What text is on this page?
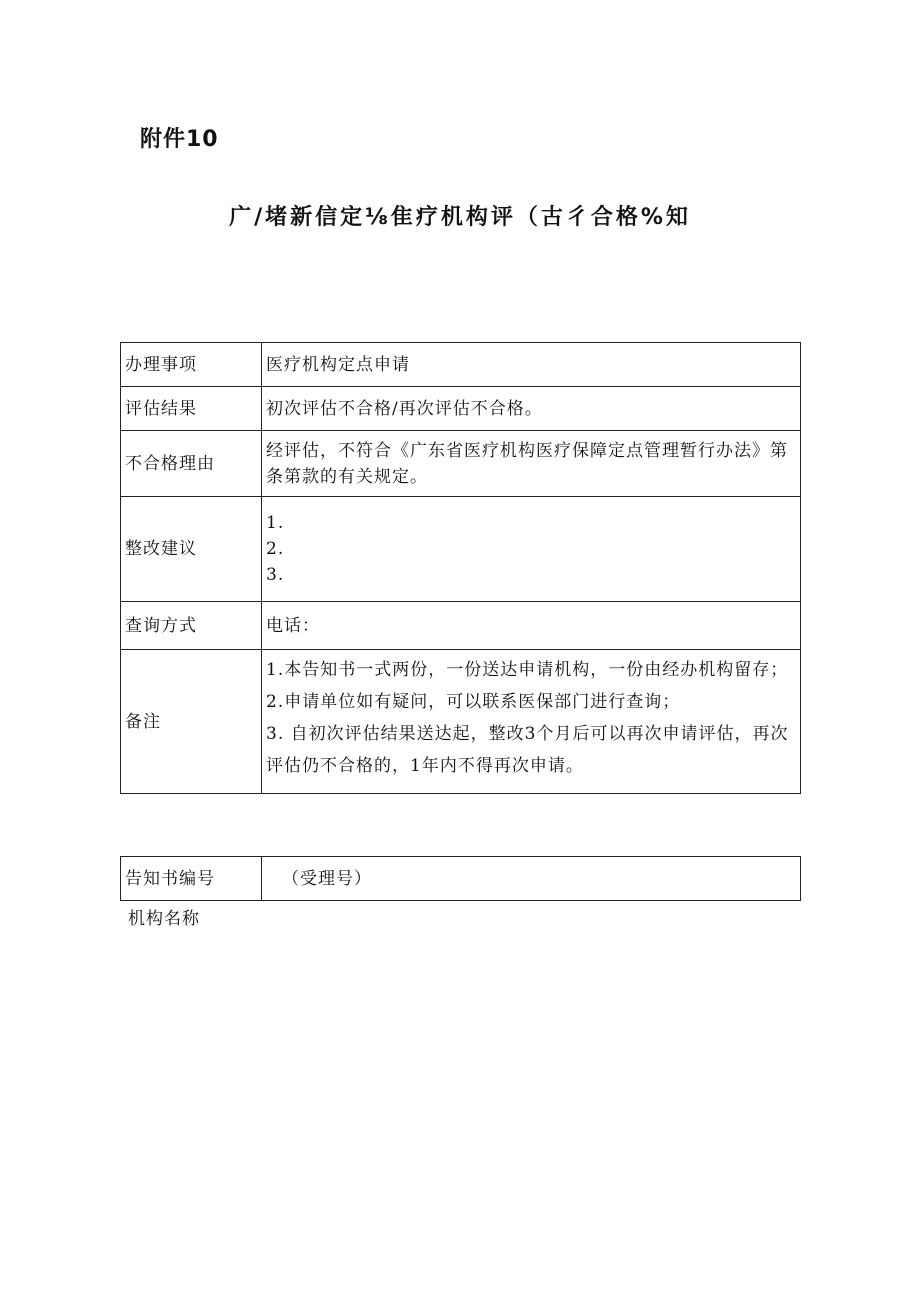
附件10
广/堵新信定⅛隹疗机构评（古彳合格%知
办理事项	医疗机构定点申请
评估结果	初次评估不合格/再次评估不合格。
不合格理由	经评估，不符合《广东省医疗机构医疗保障定点管理暂行办法》第条第款的有关规定。
整改建议	1.
2.
3.

查询方式	电话：
备注	1.本告知书一式两份，一份送达申请机构，一份由经办机构留存；
2.申请单位如有疑问，可以联系医保部门进行查询；
3. 自初次评估结果送达起，整改3个月后可以再次申请评估，再次评估仍不合格的，1年内不得再次申请。
告知书编号	（受理号）
机构名称
